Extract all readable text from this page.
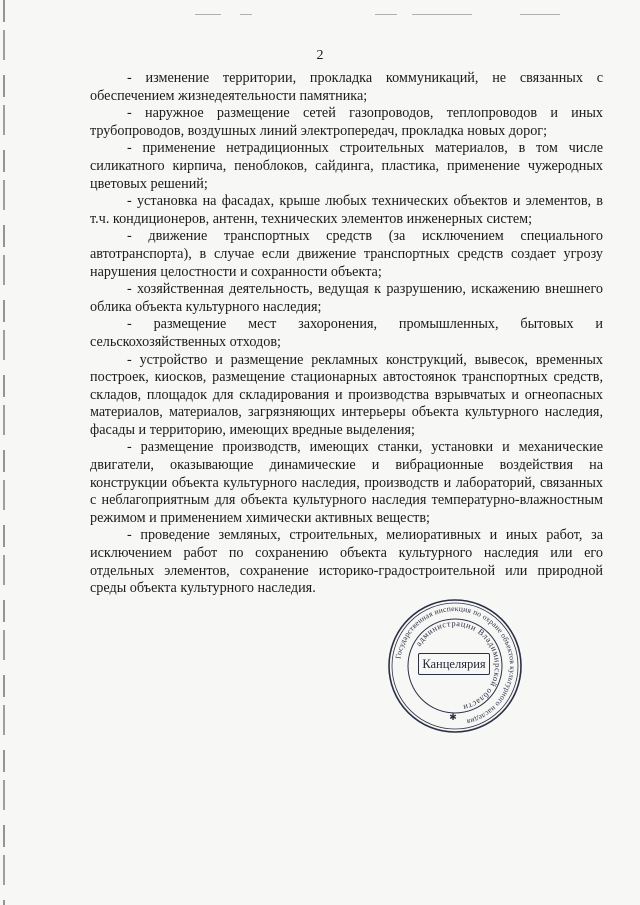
2

- изменение территории, прокладка коммуникаций, не связанных с обеспечением жизнедеятельности памятника;

- наружное размещение сетей газопроводов, теплопроводов и иных трубопроводов, воздушных линий электропередач, прокладка новых дорог;

- применение нетрадиционных строительных материалов, в том числе силикатного кирпича, пеноблоков, сайдинга, пластика, применение чужеродных цветовых решений;

- установка на фасадах, крыше любых технических объектов и элементов, в т.ч. кондиционеров, антенн, технических элементов инженерных систем;

- движение транспортных средств (за исключением специального автотранспорта), в случае если движение транспортных средств создает угрозу нарушения целостности и сохранности объекта;

- хозяйственная деятельность, ведущая к разрушению, искажению внешнего облика объекта культурного наследия;

- размещение мест захоронения, промышленных, бытовых и сельскохозяйственных отходов;

- устройство и размещение рекламных конструкций, вывесок, временных построек, киосков, размещение стационарных автостоянок транспортных средств, складов, площадок для складирования и производства взрывчатых и огнеопасных материалов, материалов, загрязняющих интерьеры объекта культурного наследия, фасады и территорию, имеющих вредные выделения;

- размещение производств, имеющих станки, установки и механические двигатели, оказывающие динамические и вибрационные воздействия на конструкции объекта культурного наследия, производств и лабораторий, связанных с неблагоприятным для объекта культурного наследия температурно-влажностным режимом и применением химически активных веществ;

- проведение земляных, строительных, мелиоративных и иных работ, за исключением работ по сохранению объекта культурного наследия или его отдельных элементов, сохранение историко-градостроительной или природной среды объекта культурного наследия.

Государственная инспекция по охране объектов культурного наследия
администрации Владимирской области
✱
Канцелярия
